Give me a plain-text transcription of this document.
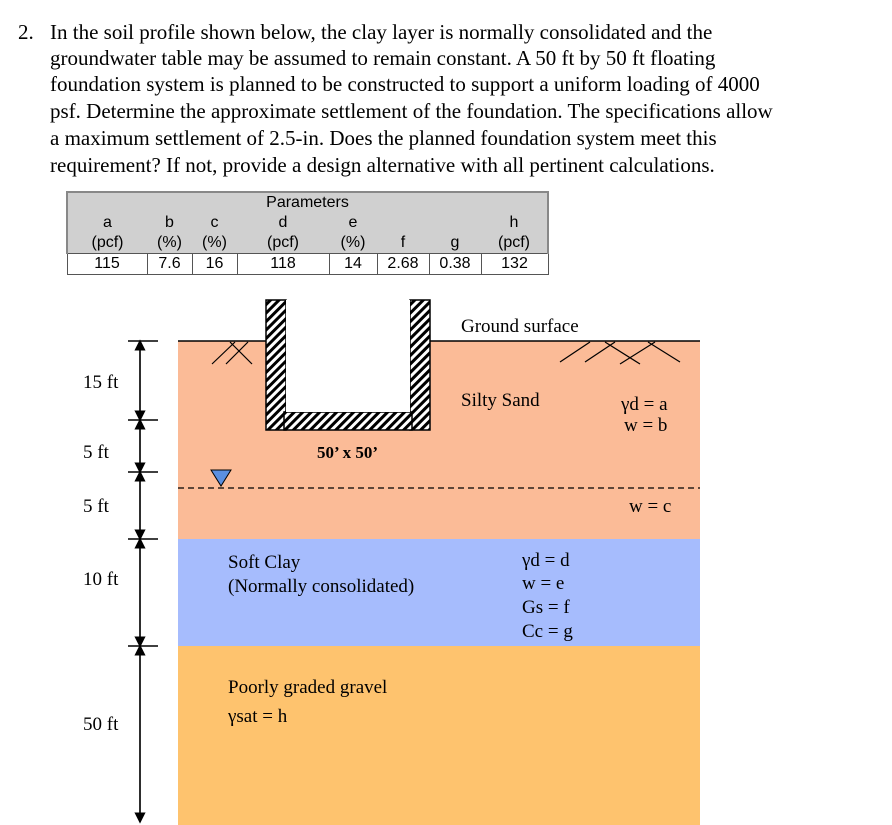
2. In the soil profile shown below, the clay layer is normally consolidated and the
groundwater table may be assumed to remain constant. A 50 ft by 50 ft floating
foundation system is planned to be constructed to support a uniform loading of 4000
psf. Determine the approximate settlement of the foundation. The specifications allow
a maximum settlement of 2.5-in. Does the planned foundation system meet this
requirement? If not, provide a design alternative with all pertinent calculations.
Parameters							
a	b	c	d	e	f	g	h
(pcf)	(%)	(%)	(pcf)	(%)			(pcf)
115	7.6	16	118	14	2.68	0.38	132
15 ft
5 ft
5 ft
10 ft
50 ft
Ground surface
50’ x 50’
Silty Sand	γd = a
w = b
w = c
Soft Clay
(Normally consolidated)
γd = d
w = e
Gs = f
Cc = g
Poorly graded gravel
γsat = h
